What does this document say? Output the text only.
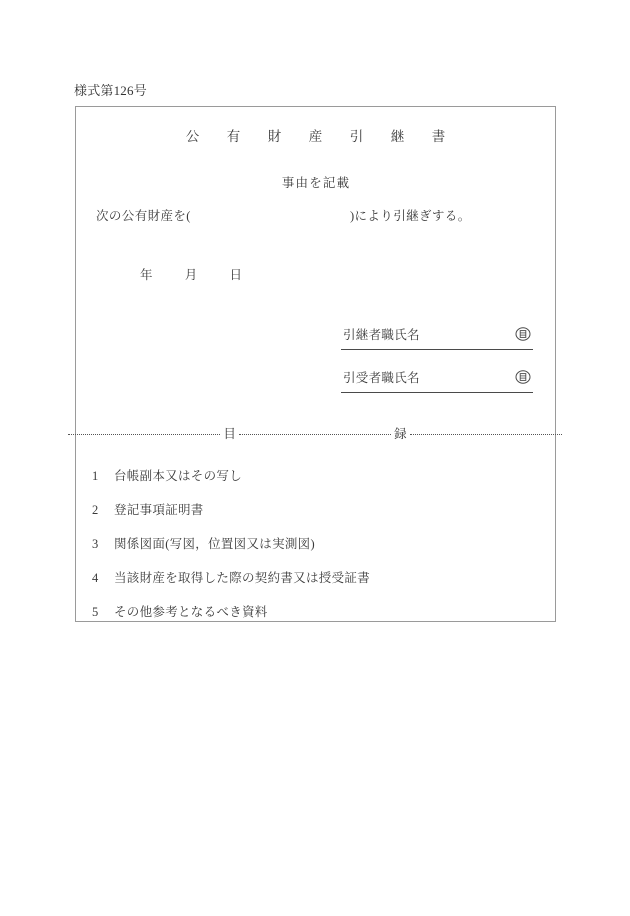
様式第126号
公　有　財　産　引　継　書
事由を記載
次の公有財産を(	)により引継ぎする。
年	月	日
引継者職氏名
引受者職氏名
目	録
1	台帳副本又はその写し
2	登記事項証明書
3	関係図面(写図，位置図又は実測図)
4	当該財産を取得した際の契約書又は授受証書
5	その他参考となるべき資料
